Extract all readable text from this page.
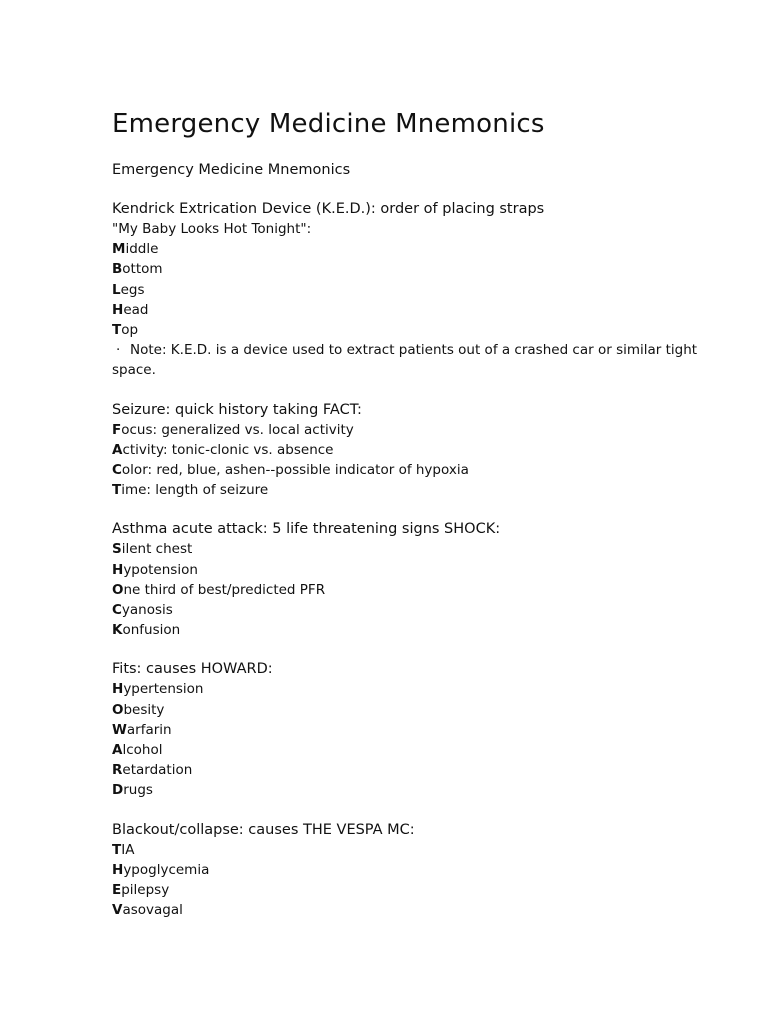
Emergency Medicine Mnemonics
Emergency Medicine Mnemonics
Kendrick Extrication Device (K.E.D.): order of placing straps
"My Baby Looks Hot Tonight":
Middle
Bottom
Legs
Head
Top
· Note: K.E.D. is a device used to extract patients out of a crashed car or similar tight space.
Seizure: quick history taking FACT:
Focus: generalized vs. local activity
Activity: tonic-clonic vs. absence
Color: red, blue, ashen--possible indicator of hypoxia
Time: length of seizure
Asthma acute attack: 5 life threatening signs SHOCK:
Silent chest
Hypotension
One third of best/predicted PFR
Cyanosis
Konfusion
Fits: causes HOWARD:
Hypertension
Obesity
Warfarin
Alcohol
Retardation
Drugs
Blackout/collapse: causes THE VESPA MC:
TIA
Hypoglycemia
Epilepsy
Vasovagal
